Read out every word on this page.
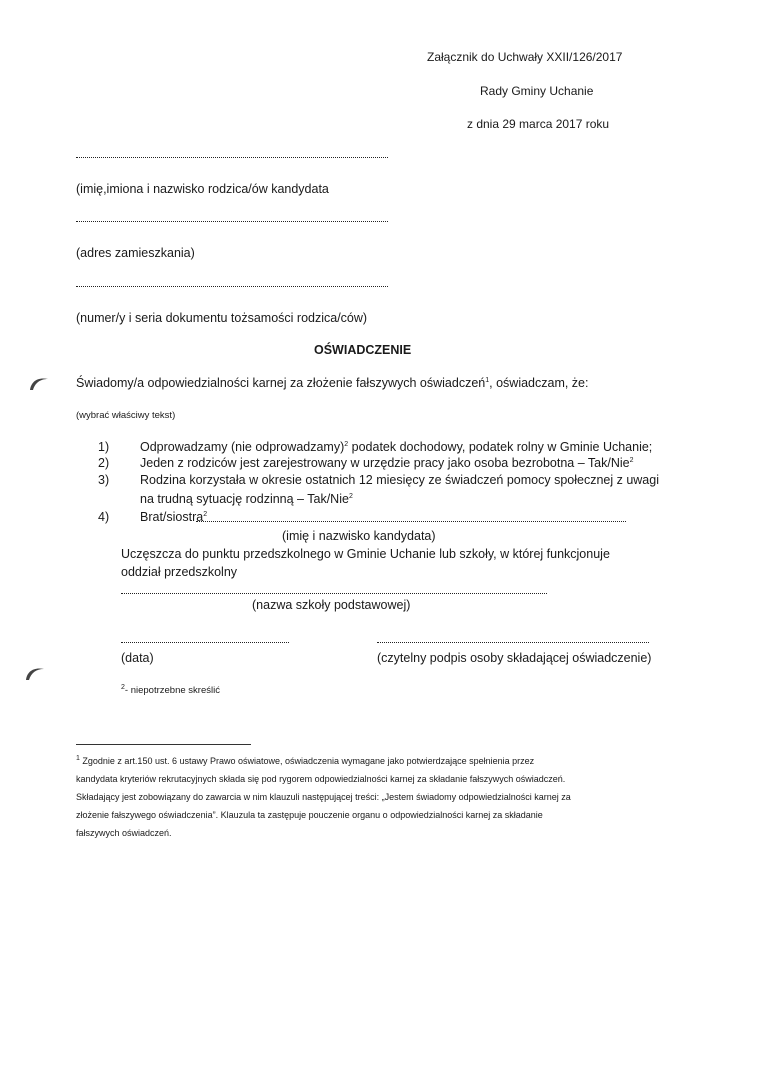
Załącznik do Uchwały XXII/126/2017
Rady Gminy Uchanie
z dnia 29 marca 2017 roku
(imię,imiona i nazwisko rodzica/ów kandydata
(adres zamieszkania)
(numer/y i seria dokumentu tożsamości rodzica/ców)
OŚWIADCZENIE
Świadomy/a odpowiedzialności karnej za złożenie fałszywych oświadczeń$^1$, oświadczam, że:
(wybrać właściwy tekst)
1) Odprowadzamy (nie odprowadzamy)$^2$ podatek dochodowy, podatek rolny w Gminie Uchanie;
2) Jeden z rodziców jest zarejestrowany w urzędzie pracy jako osoba bezrobotna – Tak/Nie$^2$
3) Rodzina korzystała w okresie ostatnich 12 miesięcy ze świadczeń pomocy społecznej z uwagi
na trudną sytuację rodzinną – Tak/Nie$^2$
4) Brat/siostra$^2$
(imię i nazwisko kandydata)
Uczęszcza do punktu przedszkolnego w Gminie Uchanie lub szkoły, w której funkcjonuje
oddział przedszkolny
(nazwa szkoły podstawowej)
(data)	(czytelny podpis osoby składającej oświadczenie)
$^2$- niepotrzebne skreślić
$^1$ Zgodnie z art.150 ust. 6 ustawy Prawo oświatowe, oświadczenia wymagane jako potwierdzające spełnienia przez
kandydata kryteriów rekrutacyjnych składa się pod rygorem odpowiedzialności karnej za składanie fałszywych oświadczeń.
Składający jest zobowiązany do zawarcia w nim klauzuli następującej treści: „Jestem świadomy odpowiedzialności karnej za
złożenie fałszywego oświadczenia”. Klauzula ta zastępuje pouczenie organu o odpowiedzialności karnej za składanie
fałszywych oświadczeń.
